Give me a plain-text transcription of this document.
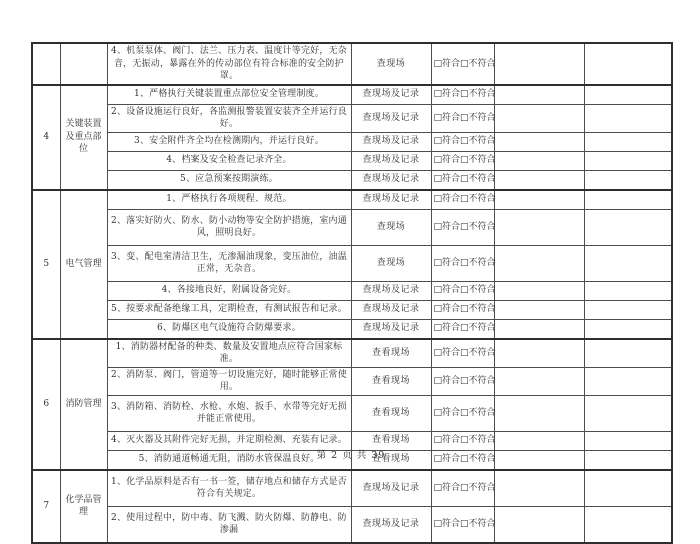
		4、机泵泵体、阀门、法兰、压力表、温度计等完好，无杂音，无振动，暴露在外的传动部位有符合标准的安全防护罩。	查现场	□符合□不符合		
4	关键装置及重点部位	1、严格执行关键装置重点部位安全管理制度。	查现场及记录	□符合□不符合		
		2、设备设施运行良好，各监测报警装置安装齐全并运行良好。	查现场及记录	□符合□不符合		
		3、安全附件齐全均在检测期内，并运行良好。	查现场及记录	□符合□不符合		
		4、档案及安全检查记录齐全。	查现场及记录	□符合□不符合		
		5、应急预案按期演练。	查现场及记录	□符合□不符合		
5	电气管理	1、严格执行各项规程、规范。	查现场及记录	□符合□不符合		
		2、落实好防火、防水、防小动物等安全防护措施，室内通风，照明良好。	查现场	□符合□不符合		
		3、变、配电室清洁卫生，无渗漏油现象，变压油位，油温正常，无杂音。	查现场	□符合□不符合		
		4、各接地良好，附属设备完好。	查现场及记录	□符合□不符合		
		5、按要求配备绝缘工具，定期检查，有测试报告和记录。	查现场及记录	□符合□不符合		
		6、防爆区电气设施符合防爆要求。	查现场及记录	□符合□不符合		
6	消防管理	1、消防器材配备的种类、数量及安置地点应符合国家标准。	查看现场	□符合□不符合		
		2、消防泵、阀门，管道等一切设施完好，随时能够正常使用。	查看现场	□符合□不符合		
		3、消防箱、消防栓、水枪、水炮、扳手、水带等完好无损并能正常使用。	查看现场	□符合□不符合		
		4、灭火器及其附件完好无损，并定期检测、充装有记录。	查看现场	□符合□不符合		
		5、消防通道畅通无阻，消防水管保温良好。	查看现场	□符合□不符合		
7	化学品管理	1、化学品原料是否有一书一签，储存地点和储存方式是否符合有关规定。	查现场及记录	□符合□不符合		
		2、使用过程中，防中毒、防飞溅、防火防爆、防静电、防渗漏	查现场及记录	□符合□不符合		
第 2 页 共 39
